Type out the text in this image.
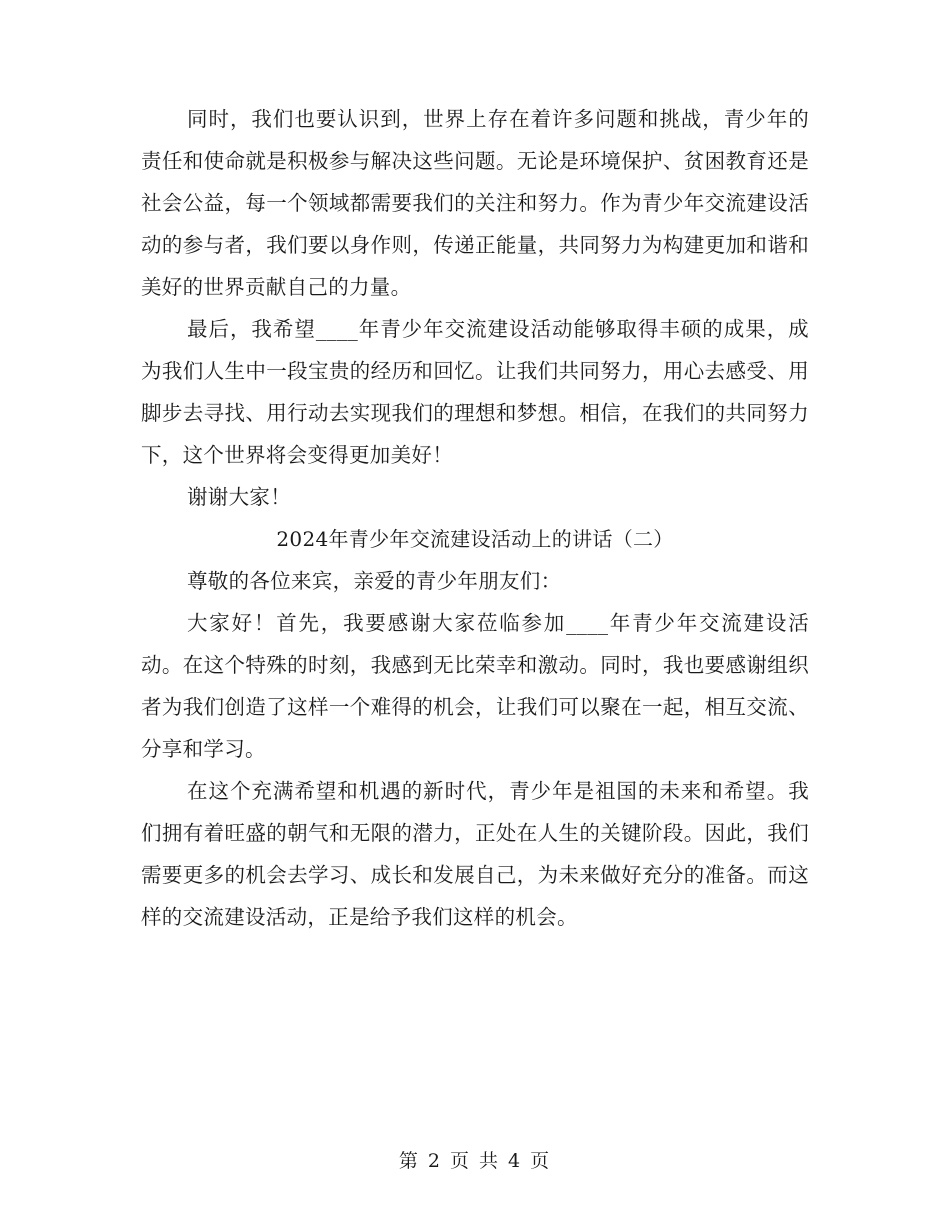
同时，我们也要认识到，世界上存在着许多问题和挑战，青少年的责任和使命就是积极参与解决这些问题。无论是环境保护、贫困教育还是社会公益，每一个领域都需要我们的关注和努力。作为青少年交流建设活动的参与者，我们要以身作则，传递正能量，共同努力为构建更加和谐和美好的世界贡献自己的力量。

最后，我希望____年青少年交流建设活动能够取得丰硕的成果，成为我们人生中一段宝贵的经历和回忆。让我们共同努力，用心去感受、用脚步去寻找、用行动去实现我们的理想和梦想。相信，在我们的共同努力下，这个世界将会变得更加美好！

谢谢大家！

2024年青少年交流建设活动上的讲话（二）

尊敬的各位来宾，亲爱的青少年朋友们：

大家好！首先，我要感谢大家莅临参加____年青少年交流建设活动。在这个特殊的时刻，我感到无比荣幸和激动。同时，我也要感谢组织者为我们创造了这样一个难得的机会，让我们可以聚在一起，相互交流、分享和学习。

在这个充满希望和机遇的新时代，青少年是祖国的未来和希望。我们拥有着旺盛的朝气和无限的潜力，正处在人生的关键阶段。因此，我们需要更多的机会去学习、成长和发展自己，为未来做好充分的准备。而这样的交流建设活动，正是给予我们这样的机会。

第 2 页 共 4 页
